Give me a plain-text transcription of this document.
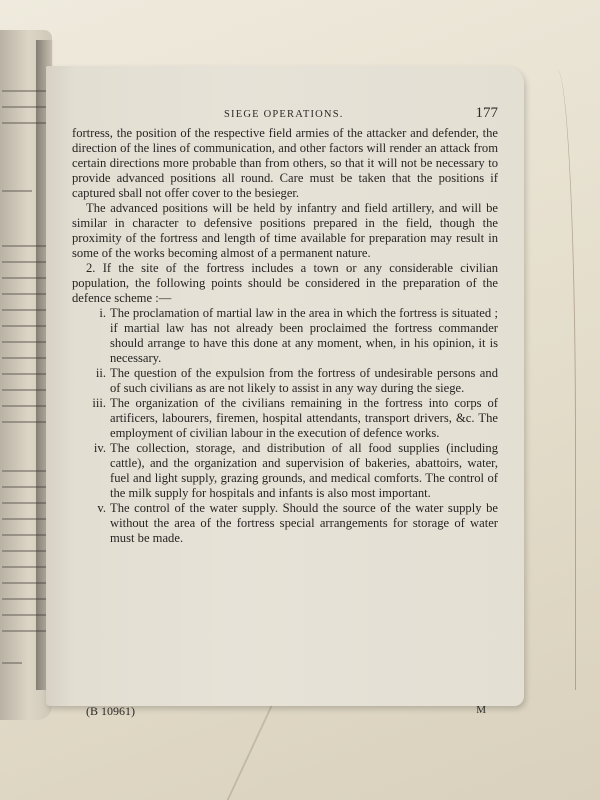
SIEGE OPERATIONS.	177

fortress, the position of the respective field armies of the attacker and defender, the direction of the lines of communication, and other factors will render an attack from certain directions more probable than from others, so that it will not be necessary to provide advanced positions all round. Care must be taken that the positions if captured sball not offer cover to the besieger.

The advanced positions will be held by infantry and field artillery, and will be similar in character to defensive positions prepared in the field, though the proximity of the fortress and length of time available for preparation may result in some of the works becoming almost of a permanent nature.

2. If the site of the fortress includes a town or any considerable civilian population, the following points should be considered in the preparation of the defence scheme :—

i. The proclamation of martial law in the area in which the fortress is situated ; if martial law has not already been proclaimed the fortress commander should arrange to have this done at any moment, when, in his opinion, it is necessary.
ii. The question of the expulsion from the fortress of undesirable persons and of such civilians as are not likely to assist in any way during the siege.
iii. The organization of the civilians remaining in the fortress into corps of artificers, labourers, firemen, hospital attendants, transport drivers, &c. The employment of civilian labour in the execution of defence works.
iv. The collection, storage, and distribution of all food supplies (including cattle), and the organization and supervision of bakeries, abattoirs, water, fuel and light supply, grazing grounds, and medical comforts. The control of the milk supply for hospitals and infants is also most important.
v. The control of the water supply. Should the source of the water supply be without the area of the fortress special arrangements for storage of water must be made.
(B 10961)	M
